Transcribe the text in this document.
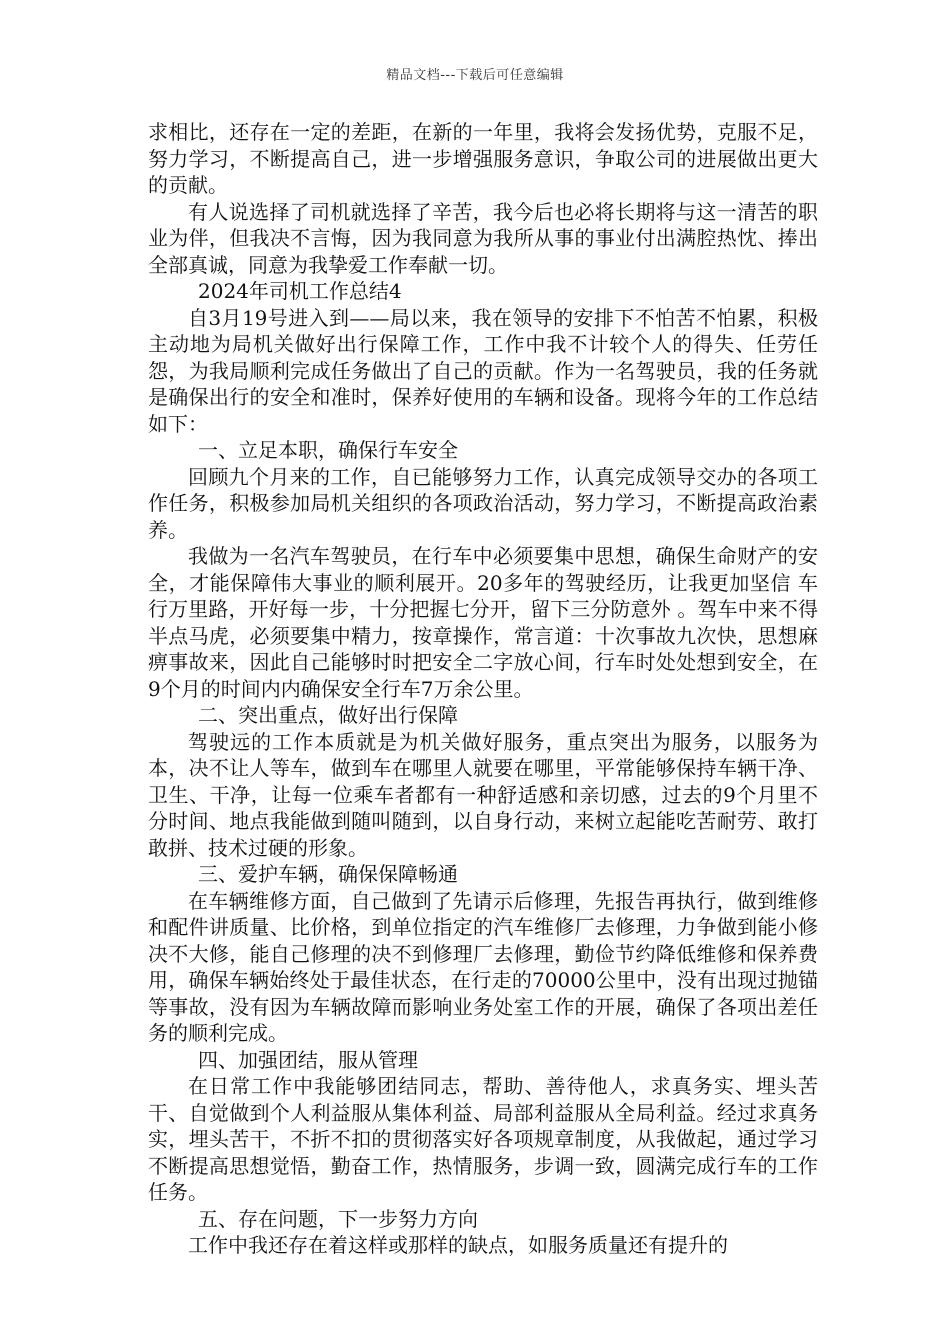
精品文档---下载后可任意编辑

求相比，还存在一定的差距，在新的一年里，我将会发扬优势，克服不足，努力学习，不断提高自己，进一步增强服务意识，争取公司的进展做出更大的贡献。

有人说选择了司机就选择了辛苦，我今后也必将长期将与这一清苦的职业为伴，但我决不言悔，因为我同意为我所从事的事业付出满腔热忱、捧出全部真诚，同意为我挚爱工作奉献一切。

2024年司机工作总结4

自3月19号进入到——局以来，我在领导的安排下不怕苦不怕累，积极主动地为局机关做好出行保障工作，工作中我不计较个人的得失、任劳任怨，为我局顺利完成任务做出了自己的贡献。作为一名驾驶员，我的任务就是确保出行的安全和准时，保养好使用的车辆和设备。现将今年的工作总结如下：

一、立足本职，确保行车安全

回顾九个月来的工作，自已能够努力工作，认真完成领导交办的各项工作任务，积极参加局机关组织的各项政治活动，努力学习，不断提高政治素养。

我做为一名汽车驾驶员，在行车中必须要集中思想，确保生命财产的安全，才能保障伟大事业的顺利展开。20多年的驾驶经历，让我更加坚信 车行万里路，开好每一步，十分把握七分开，留下三分防意外 。驾车中来不得半点马虎，必须要集中精力，按章操作，常言道：十次事故九次快，思想麻痹事故来，因此自己能够时时把安全二字放心间，行车时处处想到安全，在9个月的时间内内确保安全行车7万余公里。

二、突出重点，做好出行保障

驾驶远的工作本质就是为机关做好服务，重点突出为服务，以服务为本，决不让人等车，做到车在哪里人就要在哪里，平常能够保持车辆干净、卫生、干净，让每一位乘车者都有一种舒适感和亲切感，过去的9个月里不分时间、地点我能做到随叫随到，以自身行动，来树立起能吃苦耐劳、敢打敢拼、技术过硬的形象。

三、爱护车辆，确保保障畅通

在车辆维修方面，自己做到了先请示后修理，先报告再执行，做到维修和配件讲质量、比价格，到单位指定的汽车维修厂去修理，力争做到能小修决不大修，能自己修理的决不到修理厂去修理，勤俭节约降低维修和保养费用，确保车辆始终处于最佳状态，在行走的70000公里中，没有出现过抛锚等事故，没有因为车辆故障而影响业务处室工作的开展，确保了各项出差任务的顺利完成。

四、加强团结，服从管理

在日常工作中我能够团结同志，帮助、善待他人，求真务实、埋头苦干、自觉做到个人利益服从集体利益、局部利益服从全局利益。经过求真务实，埋头苦干，不折不扣的贯彻落实好各项规章制度，从我做起，通过学习不断提高思想觉悟，勤奋工作，热情服务，步调一致，圆满完成行车的工作任务。

五、存在问题，下一步努力方向

工作中我还存在着这样或那样的缺点，如服务质量还有提升的
